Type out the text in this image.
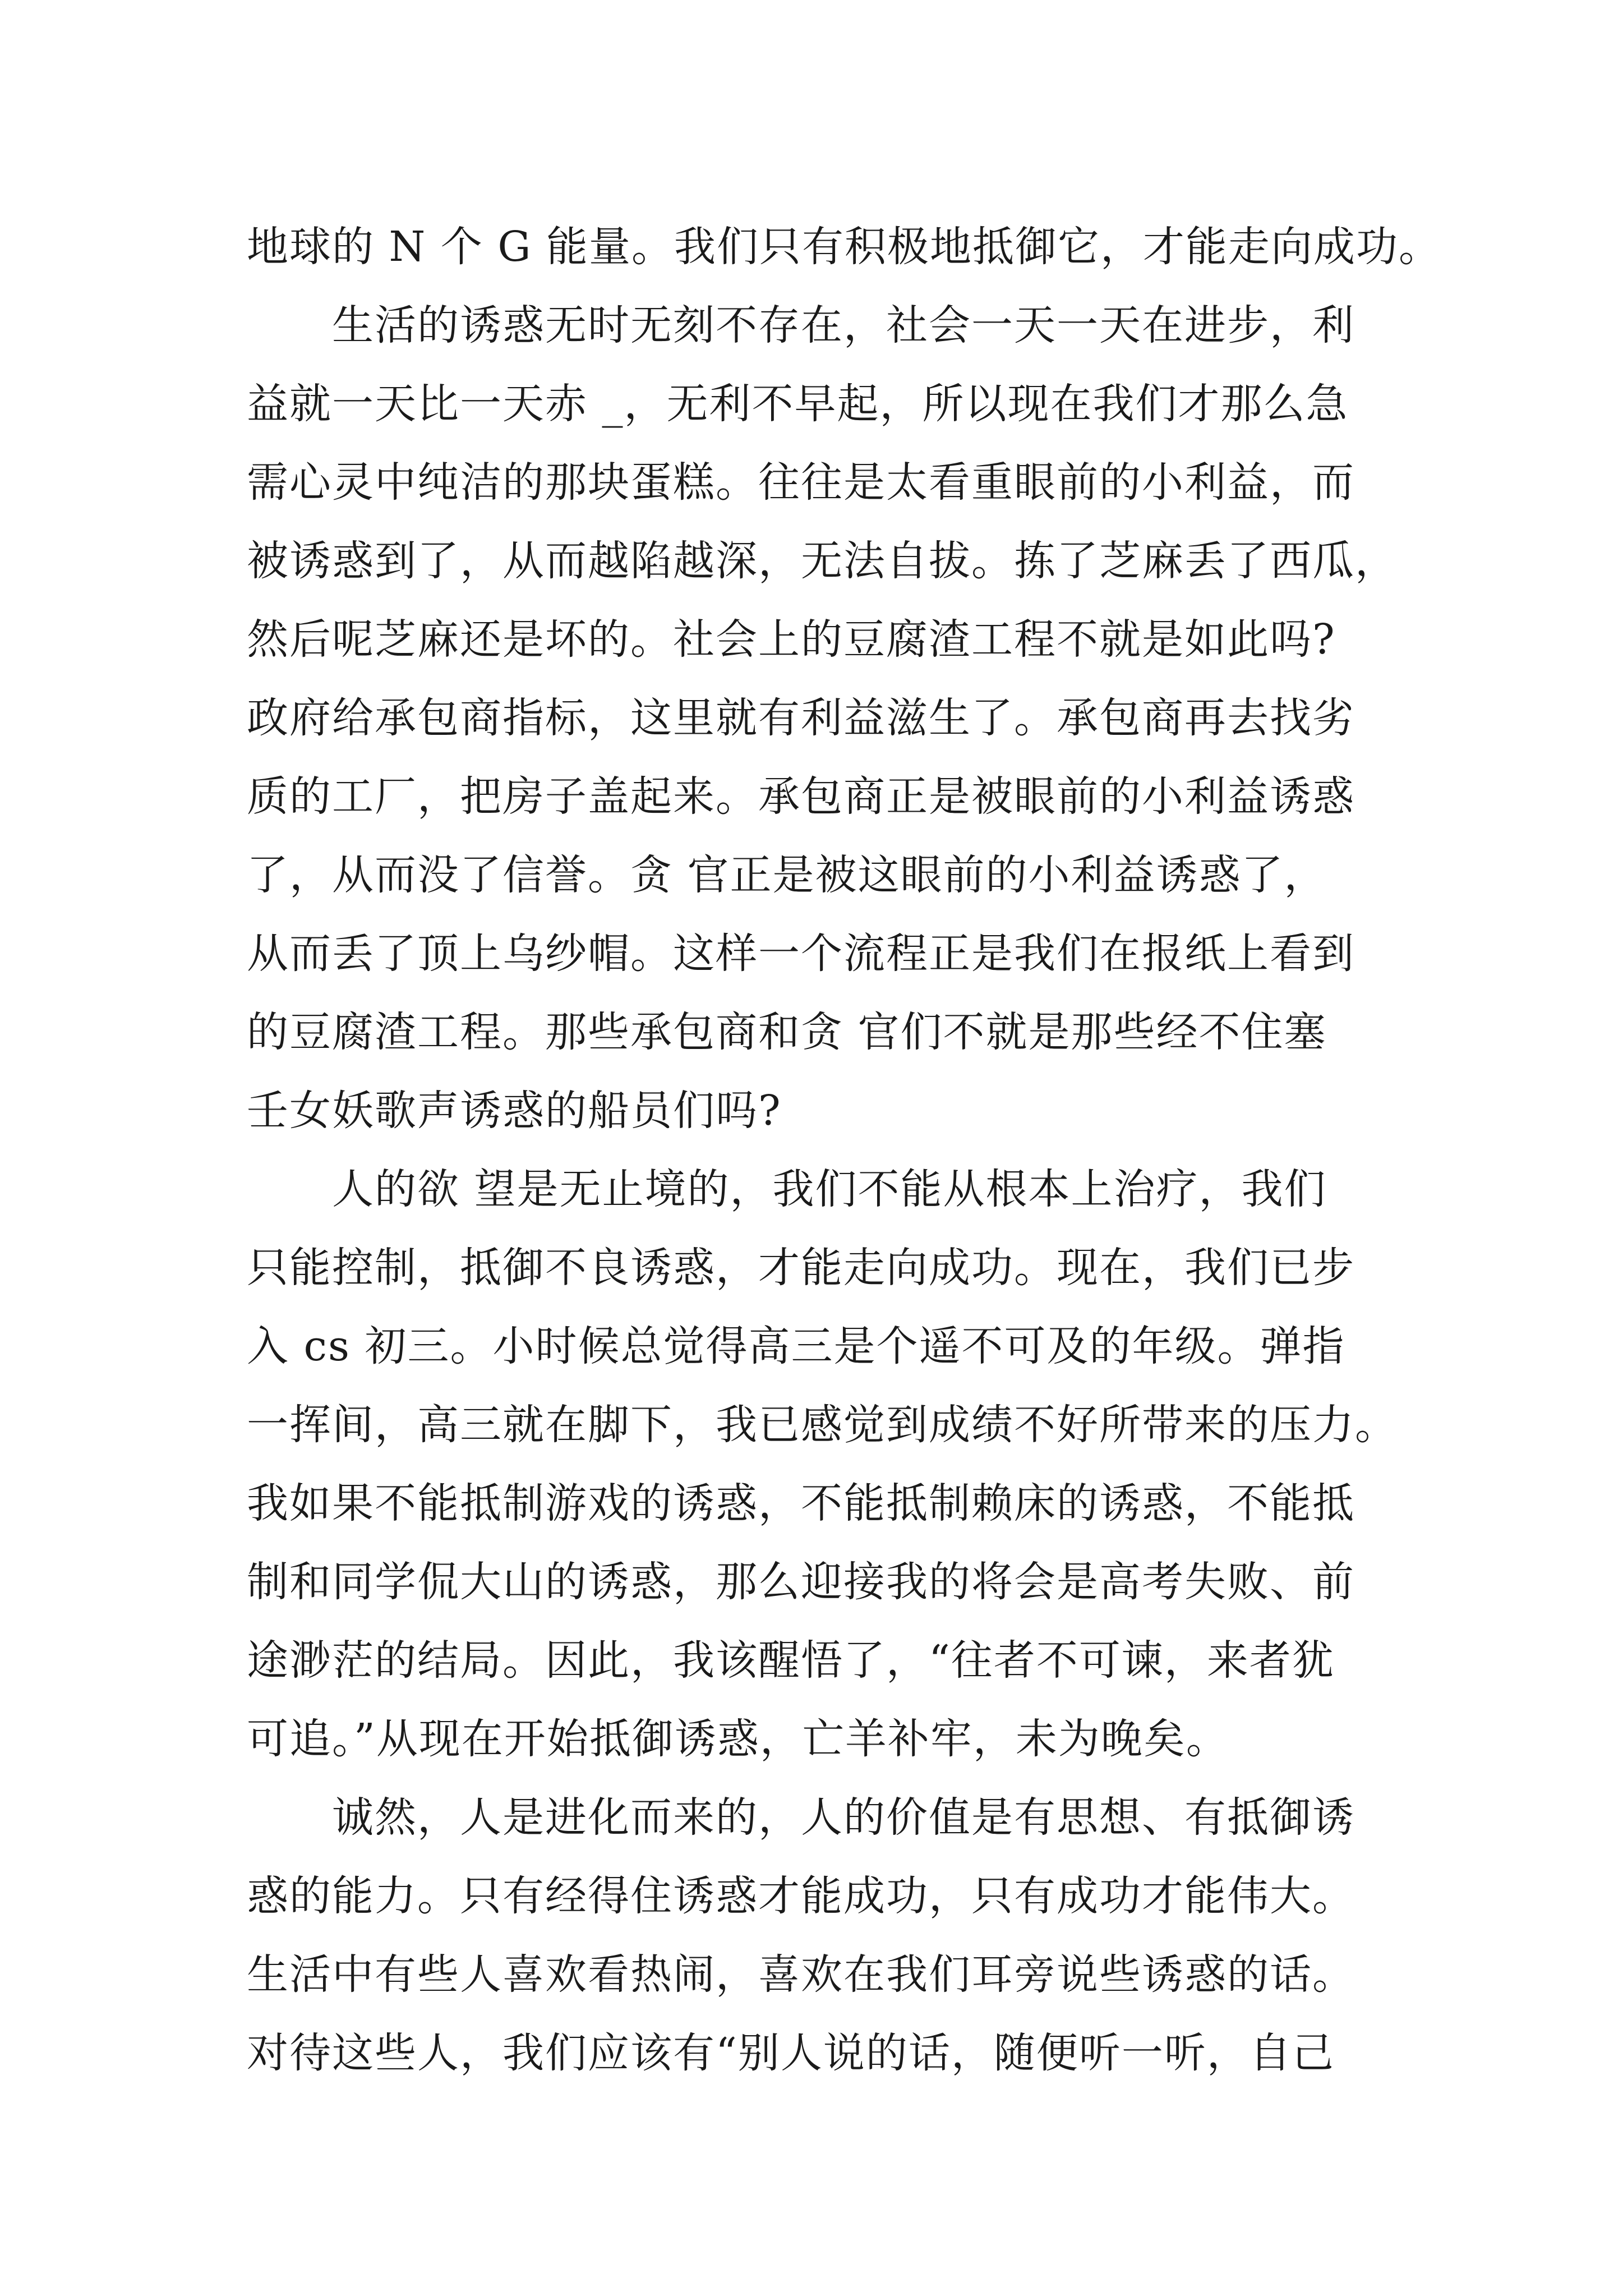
地球的 N 个 G 能量。我们只有积极地抵御它，才能走向成功。
　　生活的诱惑无时无刻不存在，社会一天一天在进步，利
益就一天比一天赤 _，无利不早起，所以现在我们才那么急
需心灵中纯洁的那块蛋糕。往往是太看重眼前的小利益，而
被诱惑到了，从而越陷越深，无法自拔。拣了芝麻丢了西瓜，
然后呢芝麻还是坏的。社会上的豆腐渣工程不就是如此吗?
政府给承包商指标，这里就有利益滋生了。承包商再去找劣
质的工厂，把房子盖起来。承包商正是被眼前的小利益诱惑
了，从而没了信誉。贪 官正是被这眼前的小利益诱惑了，
从而丢了顶上乌纱帽。这样一个流程正是我们在报纸上看到
的豆腐渣工程。那些承包商和贪 官们不就是那些经不住塞
壬女妖歌声诱惑的船员们吗?
　　人的欲 望是无止境的，我们不能从根本上治疗，我们
只能控制，抵御不良诱惑，才能走向成功。现在，我们已步
入 cs 初三。小时候总觉得高三是个遥不可及的年级。弹指
一挥间，高三就在脚下，我已感觉到成绩不好所带来的压力。
我如果不能抵制游戏的诱惑，不能抵制赖床的诱惑，不能抵
制和同学侃大山的诱惑，那么迎接我的将会是高考失败、前
途渺茫的结局。因此，我该醒悟了，“往者不可谏，来者犹
可追。”从现在开始抵御诱惑，亡羊补牢，未为晚矣。
　　诚然，人是进化而来的，人的价值是有思想、有抵御诱
惑的能力。只有经得住诱惑才能成功，只有成功才能伟大。
生活中有些人喜欢看热闹，喜欢在我们耳旁说些诱惑的话。
对待这些人，我们应该有“别人说的话，随便听一听，自己
